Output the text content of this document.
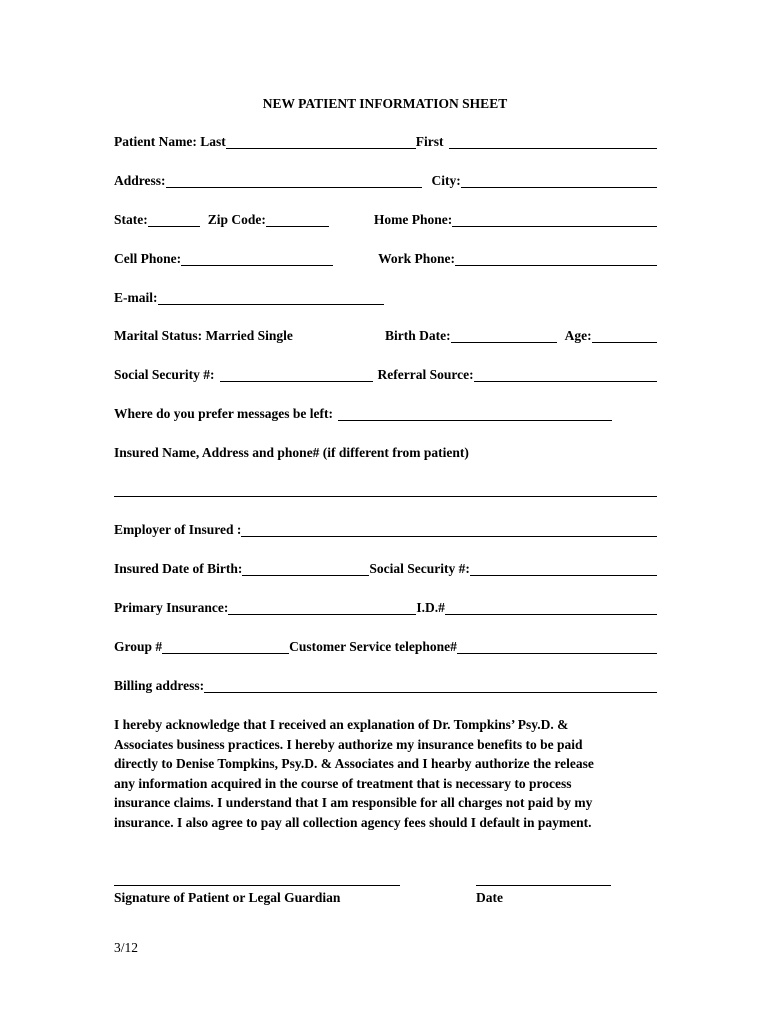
NEW PATIENT INFORMATION SHEET
Patient Name: Last	First
Address:	City:
State:	Zip Code:	Home Phone:
Cell Phone:	Work Phone:
E-mail:
Marital Status: Married Single	Birth Date:	Age:
Social Security #:	Referral Source:
Where do you prefer messages be left:
Insured Name, Address and phone# (if different from patient)
Employer of Insured :
Insured Date of Birth:	Social Security #:
Primary Insurance:	I.D.#
Group #	Customer Service telephone#
Billing address:
I hereby acknowledge that I received an explanation of Dr. Tompkins’ Psy.D. &
Associates business practices. I hereby authorize my insurance benefits to be paid
directly to Denise Tompkins, Psy.D. & Associates and I hearby authorize the release
any information acquired in the course of treatment that is necessary to process
insurance claims. I understand that I am responsible for all charges not paid by my
insurance. I also agree to pay all collection agency fees should I default in payment.
Signature of Patient or Legal Guardian	Date
3/12
